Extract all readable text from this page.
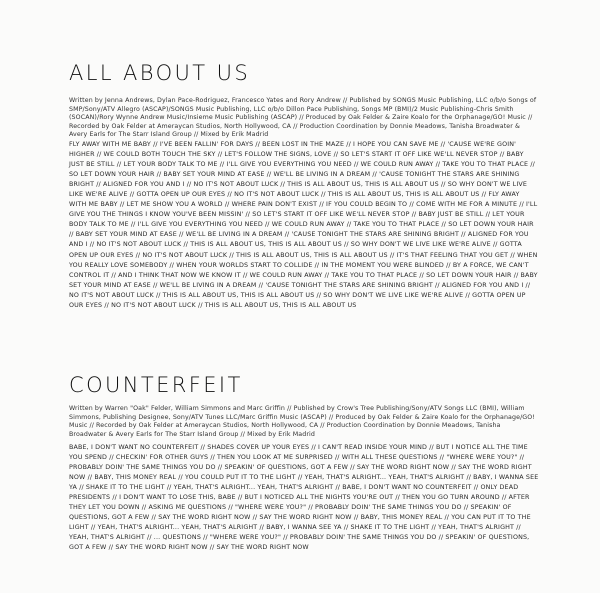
ALL ABOUT US
Written by Jenna Andrews, Dylan Pace-Rodriguez, Francesco Yates and Rory Andrew // Published by SONGS Music Publishing, LLC o/b/o Songs of SMP/Sony/ATV Allegro (ASCAP)/SONGS Music Publishing, LLC o/b/o Dillon Pace Publishing, Songs MP (BMI)/2 Music Publishing-Chris Smith (SOCAN)/Rory Wynne Andrew Music/Insieme Music Publishing (ASCAP) // Produced by Oak Felder & Zaire Koalo for the Orphanage/GO! Music // Recorded by Oak Felder at Ameraycan Studios, North Hollywood, CA // Production Coordination by Donnie Meadows, Tanisha Broadwater & Avery Earls for The Starr Island Group // Mixed by Erik Madrid
FLY AWAY WITH ME BABY // I'VE BEEN FALLIN' FOR DAYS // BEEN LOST IN THE MAZE // I HOPE YOU CAN SAVE ME // 'CAUSE WE'RE GOIN' HIGHER // WE COULD BOTH TOUCH THE SKY // LET'S FOLLOW THE SIGNS, LOVE // SO LET'S START IT OFF LIKE WE'LL NEVER STOP // BABY JUST BE STILL // LET YOUR BODY TALK TO ME // I'LL GIVE YOU EVERYTHING YOU NEED // WE COULD RUN AWAY // TAKE YOU TO THAT PLACE // SO LET DOWN YOUR HAIR // BABY SET YOUR MIND AT EASE // WE'LL BE LIVING IN A DREAM // 'CAUSE TONIGHT THE STARS ARE SHINING BRIGHT // ALIGNED FOR YOU AND I // NO IT'S NOT ABOUT LUCK // THIS IS ALL ABOUT US, THIS IS ALL ABOUT US // SO WHY DON'T WE LIVE LIKE WE'RE ALIVE // GOTTA OPEN UP OUR EYES // NO IT'S NOT ABOUT LUCK // THIS IS ALL ABOUT US, THIS IS ALL ABOUT US // FLY AWAY WITH ME BABY // LET ME SHOW YOU A WORLD // WHERE PAIN DON'T EXIST // IF YOU COULD BEGIN TO // COME WITH ME FOR A MINUTE // I'LL GIVE YOU THE THINGS I KNOW YOU'VE BEEN MISSIN' // SO LET'S START IT OFF LIKE WE'LL NEVER STOP // BABY JUST BE STILL // LET YOUR BODY TALK TO ME // I'LL GIVE YOU EVERYTHING YOU NEED // WE COULD RUN AWAY // TAKE YOU TO THAT PLACE // SO LET DOWN YOUR HAIR // BABY SET YOUR MIND AT EASE // WE'LL BE LIVING IN A DREAM // 'CAUSE TONIGHT THE STARS ARE SHINING BRIGHT // ALIGNED FOR YOU AND I // NO IT'S NOT ABOUT LUCK // THIS IS ALL ABOUT US, THIS IS ALL ABOUT US // SO WHY DON'T WE LIVE LIKE WE'RE ALIVE // GOTTA OPEN UP OUR EYES // NO IT'S NOT ABOUT LUCK // THIS IS ALL ABOUT US, THIS IS ALL ABOUT US // IT'S THAT FEELING THAT YOU GET // WHEN YOU REALLY LOVE SOMEBODY // WHEN YOUR WORLDS START TO COLLIDE // IN THE MOMENT YOU WERE BLINDED // BY A FORCE, WE CAN'T CONTROL IT // AND I THINK THAT NOW WE KNOW IT // WE COULD RUN AWAY // TAKE YOU TO THAT PLACE // SO LET DOWN YOUR HAIR // BABY SET YOUR MIND AT EASE // WE'LL BE LIVING IN A DREAM // 'CAUSE TONIGHT THE STARS ARE SHINING BRIGHT // ALIGNED FOR YOU AND I // NO IT'S NOT ABOUT LUCK // THIS IS ALL ABOUT US, THIS IS ALL ABOUT US // SO WHY DON'T WE LIVE LIKE WE'RE ALIVE // GOTTA OPEN UP OUR EYES // NO IT'S NOT ABOUT LUCK // THIS IS ALL ABOUT US, THIS IS ALL ABOUT US
COUNTERFEIT
Written by Warren "Oak" Felder, William Simmons and Marc Griffin // Published by Crow's Tree Publishing/Sony/ATV Songs LLC (BMI), William Simmons, Publishing Designee, Sony/ATV Tunes LLC/Marc Griffin Music (ASCAP) // Produced by Oak Felder & Zaire Koalo for the Orphanage/GO! Music // Recorded by Oak Felder at Ameraycan Studios, North Hollywood, CA // Production Coordination by Donnie Meadows, Tanisha Broadwater & Avery Earls for The Starr Island Group // Mixed by Erik Madrid
BABE, I DON'T WANT NO COUNTERFEIT // SHADES COVER UP YOUR EYES // I CAN'T READ INSIDE YOUR MIND // BUT I NOTICE ALL THE TIME YOU SPEND // CHECKIN' FOR OTHER GUYS // THEN YOU LOOK AT ME SURPRISED // WITH ALL THESE QUESTIONS // "WHERE WERE YOU?" // PROBABLY DOIN' THE SAME THINGS YOU DO // SPEAKIN' OF QUESTIONS, GOT A FEW // SAY THE WORD RIGHT NOW // SAY THE WORD RIGHT NOW // BABY, THIS MONEY REAL // YOU COULD PUT IT TO THE LIGHT // YEAH, THAT'S ALRIGHT... YEAH, THAT'S ALRIGHT // BABY, I WANNA SEE YA // SHAKE IT TO THE LIGHT // YEAH, THAT'S ALRIGHT... YEAH, THAT'S ALRIGHT // BABE, I DON'T WANT NO COUNTERFEIT // ONLY DEAD PRESIDENTS // I DON'T WANT TO LOSE THIS, BABE // BUT I NOTICED ALL THE NIGHTS YOU'RE OUT // THEN YOU GO TURN AROUND // AFTER THEY LET YOU DOWN // ASKING ME QUESTIONS // "WHERE WERE YOU?" // PROBABLY DOIN' THE SAME THINGS YOU DO // SPEAKIN' OF QUESTIONS, GOT A FEW // SAY THE WORD RIGHT NOW // SAY THE WORD RIGHT NOW // BABY, THIS MONEY REAL // YOU CAN PUT IT TO THE LIGHT // YEAH, THAT'S ALRIGHT... YEAH, THAT'S ALRIGHT // BABY, I WANNA SEE YA // SHAKE IT TO THE LIGHT // YEAH, THAT'S ALRIGHT // YEAH, THAT'S ALRIGHT // ... QUESTIONS // "WHERE WERE YOU?" // PROBABLY DOIN' THE SAME THINGS YOU DO // SPEAKIN' OF QUESTIONS, GOT A FEW // SAY THE WORD RIGHT NOW // SAY THE WORD RIGHT NOW
